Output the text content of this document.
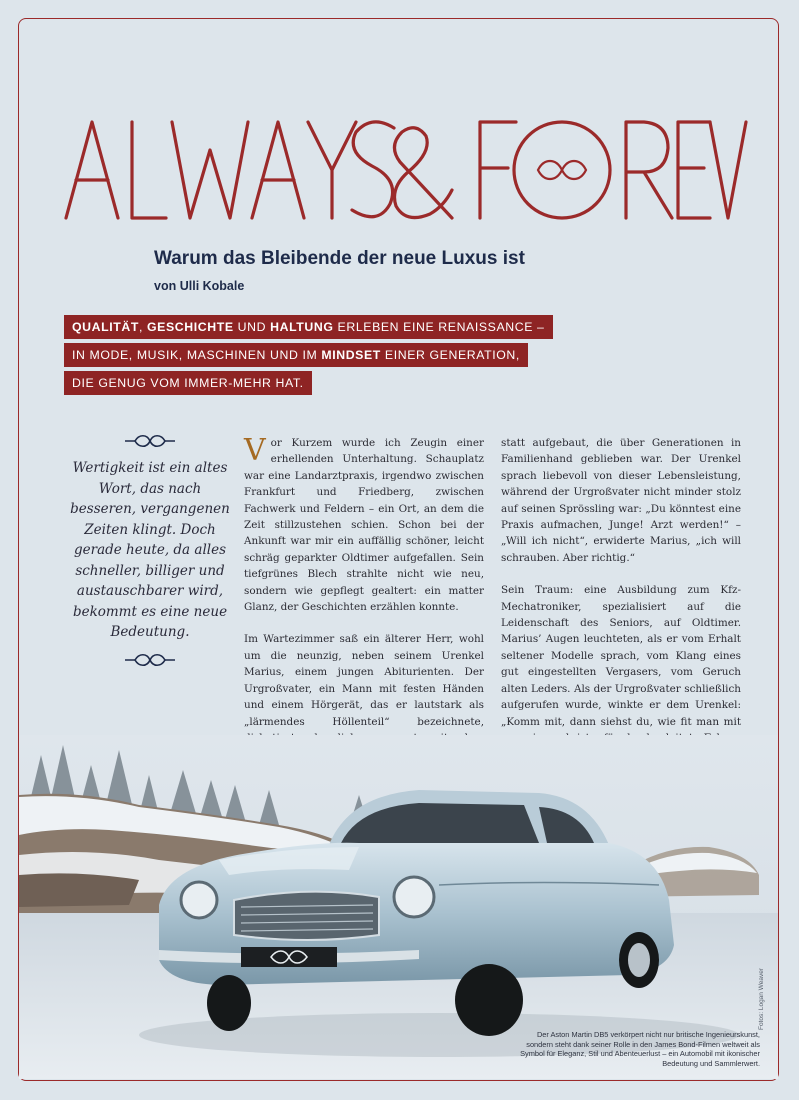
Warum das Bleibende der neue Luxus ist
von Ulli Kobale
QUALITÄT, GESCHICHTE UND HALTUNG ERLEBEN EINE RENAISSANCE –
IN MODE, MUSIK, MASCHINEN UND IM MINDSET EINER GENERATION,
DIE GENUG VOM IMMER-MEHR HAT.

Wertigkeit ist ein altes Wort, das nach besseren, vergangenen Zeiten klingt. Doch gerade heute, da alles schneller, billiger und austauschbarer wird, bekommt es eine neue Bedeutung.

Vor Kurzem wurde ich Zeugin einer erhellenden Unterhaltung. Schauplatz war eine Landarztpraxis, irgendwo zwischen Frankfurt und Friedberg, zwischen Fachwerk und Feldern – ein Ort, an dem die Zeit stillzustehen schien. Schon bei der Ankunft war mir ein auffällig schöner, leicht schräg geparkter Oldtimer aufgefallen. Sein tiefgrünes Blech strahlte nicht wie neu, sondern wie gepflegt gealtert: ein matter Glanz, der Geschichten erzählen konnte.

Im Wartezimmer saß ein älterer Herr, wohl um die neunzig, neben seinem Urenkel Marius, einem jungen Abiturienten. Der Urgroßvater, ein Mann mit festen Händen und einem Hörgerät, das er lautstark als „lärmendes Höllenteil“ bezeichnete,

statt aufgebaut, die über Generationen in Familienhand geblieben war. Der Urenkel sprach liebevoll von dieser Lebensleistung, während der Urgroßvater nicht minder stolz auf seinen Sprössling war: „Du könntest eine Praxis aufmachen, Junge! Arzt werden!“ – „Will ich nicht“, erwiderte Marius, „ich will schrauben. Aber richtig.“

Sein Traum: eine Ausbildung zum Kfz-Mechatroniker, spezialisiert auf die Leidenschaft des Seniors, auf Oldtimer. Marius’ Augen leuchteten, als er vom Erhalt seltener Modelle sprach, vom Klang eines gut eingestellten Vergasers, vom Geruch alten Leders. Als der Urgroßvater schließlich aufgerufen wurde, winkte er dem Urenkel: „Komm mit, dann siehst du, wie fit man mit

Fotos: Logan Weaver
Der Aston Martin DB5 verkörpert nicht nur britische Ingenieurskunst, sondern steht dank seiner Rolle in den James Bond-Filmen weltweit als Symbol für Eleganz, Stil und Abenteuerlust – ein Automobil mit ikonischer Bedeutung und Sammlerwert.
